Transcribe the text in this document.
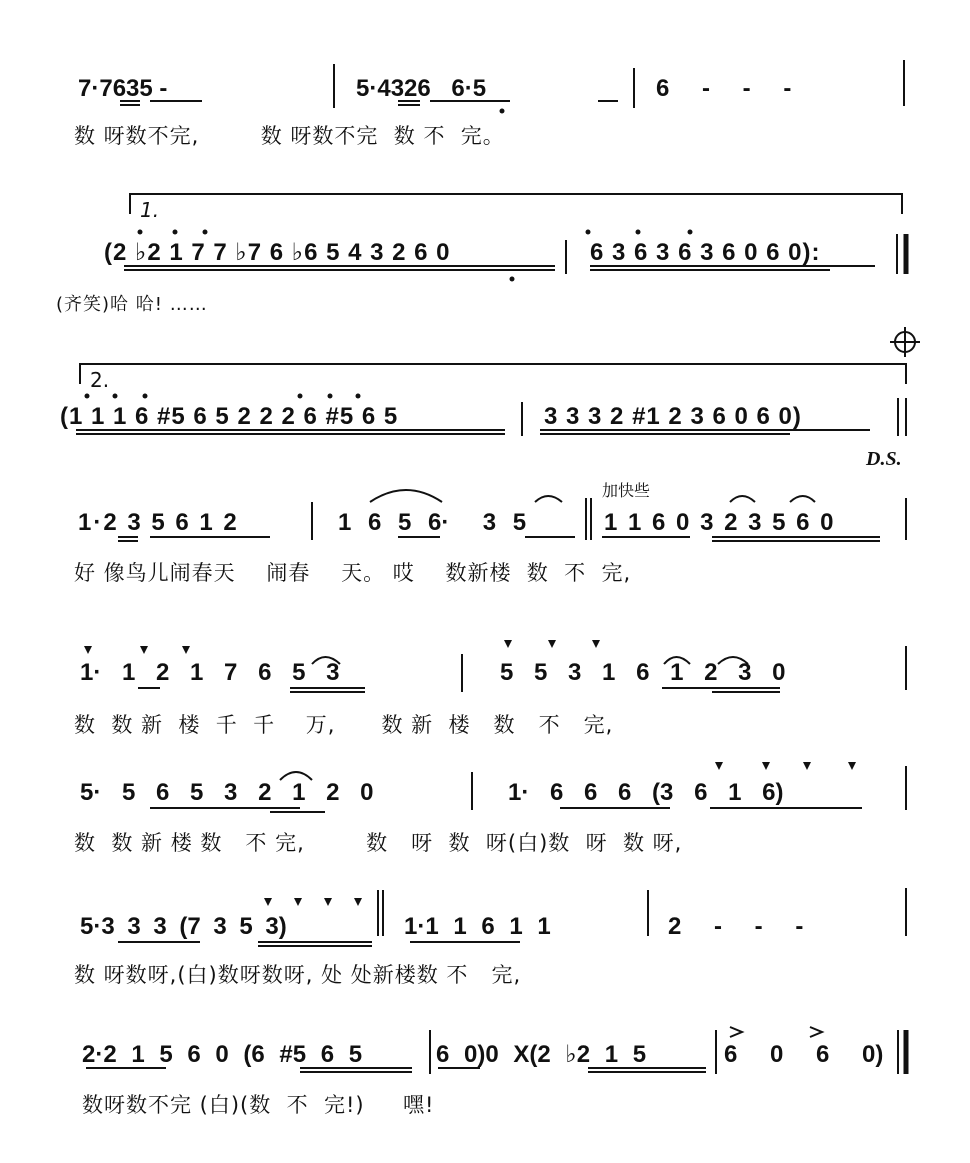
7·7635 -	5·4326 6·5	6 - - -
数 呀数不完,        数 呀数不完  数 不  完。
1.
(2 ♭2 1 7 7 ♭7 6 ♭6 5 4 3 2 6 0	6 3 6 3 6 3 6 0 6 0):
(齐笑)哈 哈! ……
2.
(1 1 1 6 #5 6 5 2 2 2 6 #5 6 5	3 3 3 2 #1 2 3 6 0 6 0)
D.S.
加快些
1·2 3 5 6 1 2	1 6 5 6·  3 5	1 1 6 0 3 2 3 5 6 0
好 像鸟儿闹春天    闹春    天。 哎    数新楼  数  不  完,
1· 1 2 1 7 6 5 3	5 5 3 1 6 1 2 3 0
数  数 新  楼  千  千    万,      数 新  楼   数   不   完,
5· 5 6 5 3 2 1 2 0	1· 6 6 6 (3 6 1 6)
数  数 新 楼 数   不 完,        数   呀  数  呀(白)数  呀  数 呀,
5·3 3 3 (7 3 5 3)	1·1 1 6 1 1	2 - - -
数 呀数呀,(白)数呀数呀, 处 处新楼数 不   完,
2·2 1 5 6 0 (6 #5 6 5	6 0)0 X(2 ♭2 1 5	6 0 6 0)
数呀数不完 (白)(数  不  完!)     嘿!
